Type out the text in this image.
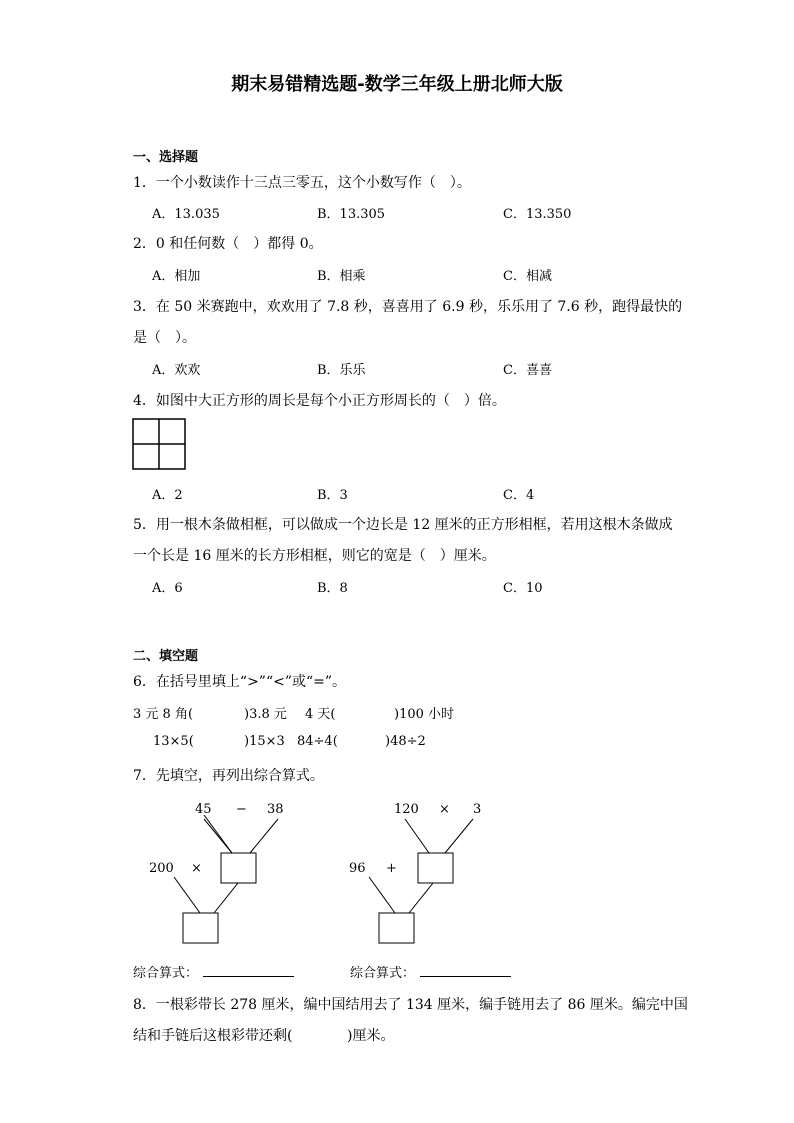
期末易错精选题-数学三年级上册北师大版
一、选择题
1．一个小数读作十三点三零五，这个小数写作（　）。
A．13.035	B．13.305	C．13.350
2．0 和任何数（　）都得 0。
A．相加	B．相乘	C．相减
3．在 50 米赛跑中，欢欢用了 7.8 秒，喜喜用了 6.9 秒，乐乐用了 7.6 秒，跑得最快的
是（　）。
A．欢欢	B．乐乐	C．喜喜
4．如图中大正方形的周长是每个小正方形周长的（　）倍。
A．2	B．3	C．4
5．用一根木条做相框，可以做成一个边长是 12 厘米的正方形相框，若用这根木条做成
一个长是 16 厘米的长方形相框，则它的宽是（　）厘米。
A．6	B．8	C．10
二、填空题
6．在括号里填上“>”“<”或“=”。
3 元 8 角(	)3.8 元 4 天(	)100 小时
13×5(	)15×3 84÷4(	)48÷2
7．先填空，再列出综合算式。
45 − 38
200 ×
120 × 3
96 +
综合算式：	综合算式：
8．一根彩带长 278 厘米，编中国结用去了 134 厘米，编手链用去了 86 厘米。编完中国
结和手链后这根彩带还剩(	)厘米。
